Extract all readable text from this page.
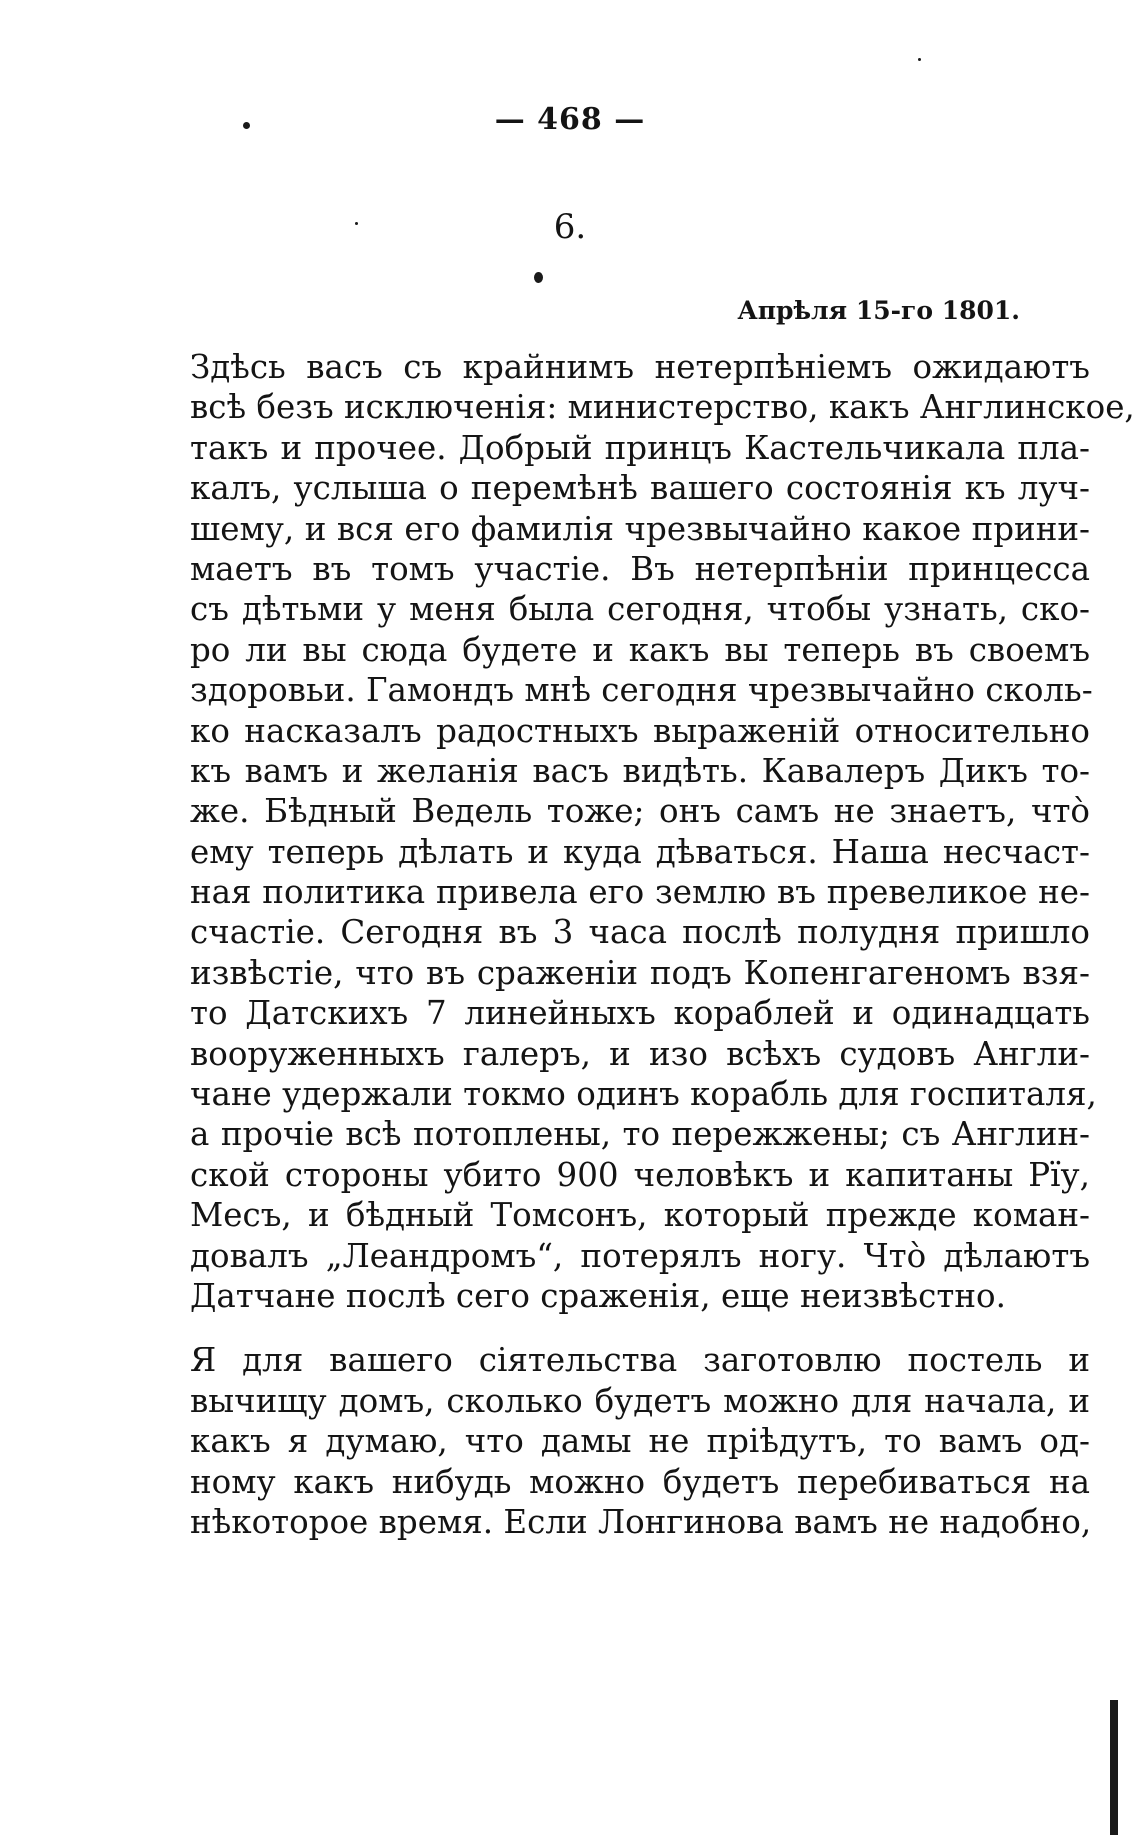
— 468 —
6.
Апрѣля 15-го 1801.
Здѣсь васъ съ крайнимъ нетерпѣніемъ ожидаютъ
всѣ безъ исключенія: министерство, какъ Англинское,
такъ и прочее. Добрый принцъ Кастельчикала пла-
калъ, услыша о перемѣнѣ вашего состоянія къ луч-
шему, и вся его фамилія чрезвычайно какое прини-
маетъ въ томъ участіе. Въ нетерпѣніи принцесса
съ дѣтьми у меня была сегодня, чтобы узнать, ско-
ро ли вы сюда будете и какъ вы теперь въ своемъ
здоровьи. Гамондъ мнѣ сегодня чрезвычайно сколь-
ко насказалъ радостныхъ выраженій относительно
къ вамъ и желанія васъ видѣть. Кавалеръ Дикъ то-
же. Бѣдный Ведель тоже; онъ самъ не знаетъ, что̀
ему теперь дѣлать и куда дѣваться. Наша несчаст-
ная политика привела его землю въ превеликое не-
счастіе. Сегодня въ 3 часа послѣ полудня пришло
извѣстіе, что въ сраженіи подъ Копенгагеномъ взя-
то Датскихъ 7 линейныхъ кораблей и одинадцать
вооруженныхъ галеръ, и изо всѣхъ судовъ Англи-
чане удержали токмо одинъ корабль для госпиталя,
а прочіе всѣ потоплены, то пережжены; съ Англин-
ской стороны убито 900 человѣкъ и капитаны Рїу,
Месъ, и бѣдный Томсонъ, который прежде коман-
довалъ „Леандромъ“, потерялъ ногу. Что̀ дѣлаютъ
Датчане послѣ сего сраженія, еще неизвѣстно.
Я для вашего сіятельства заготовлю постель и
вычищу домъ, сколько будетъ можно для начала, и
какъ я думаю, что дамы не пріѣдутъ, то вамъ од-
ному какъ нибудь можно будетъ перебиваться на
нѣкоторое время. Если Лонгинова вамъ не надобно,
